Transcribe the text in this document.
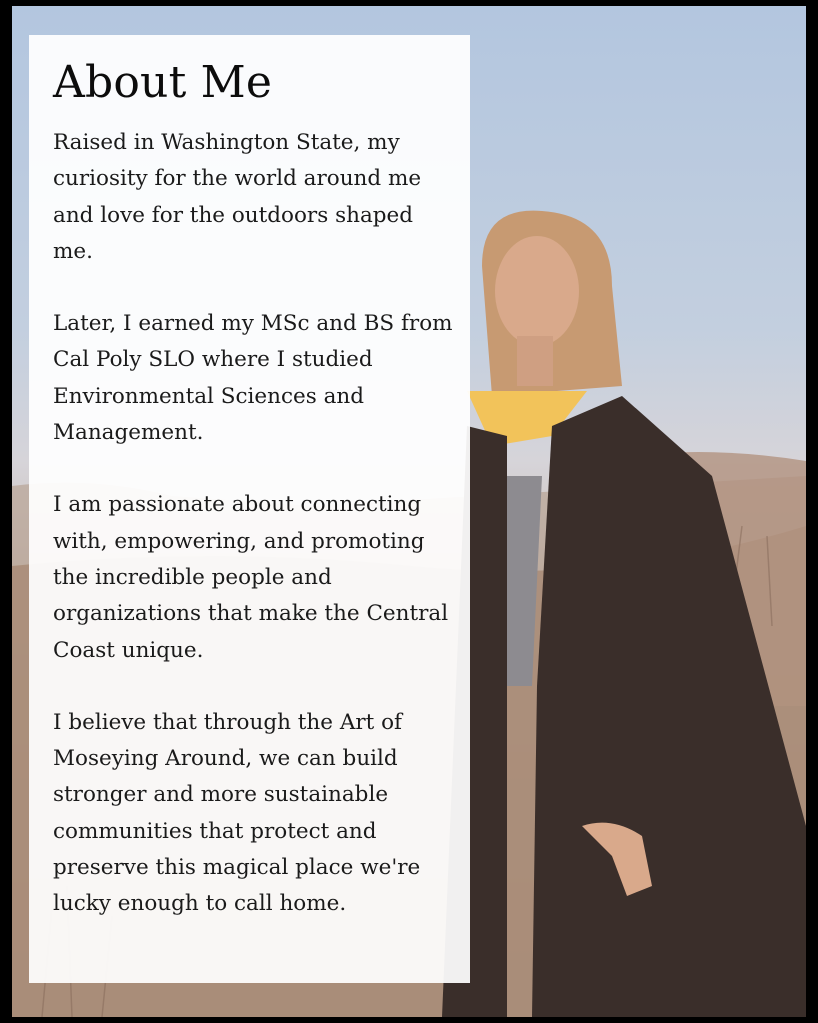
About Me

Raised in Washington State, my curiosity for the world around me and love for the outdoors shaped me.

Later, I earned my MSc and BS from Cal Poly SLO where I studied Environmental Sciences and Management.

I am passionate about connecting with, empowering, and promoting the incredible people and organizations that make the Central Coast unique.

I believe that through the Art of Moseying Around, we can build stronger and more sustainable communities that protect and preserve this magical place we're lucky enough to call home.
